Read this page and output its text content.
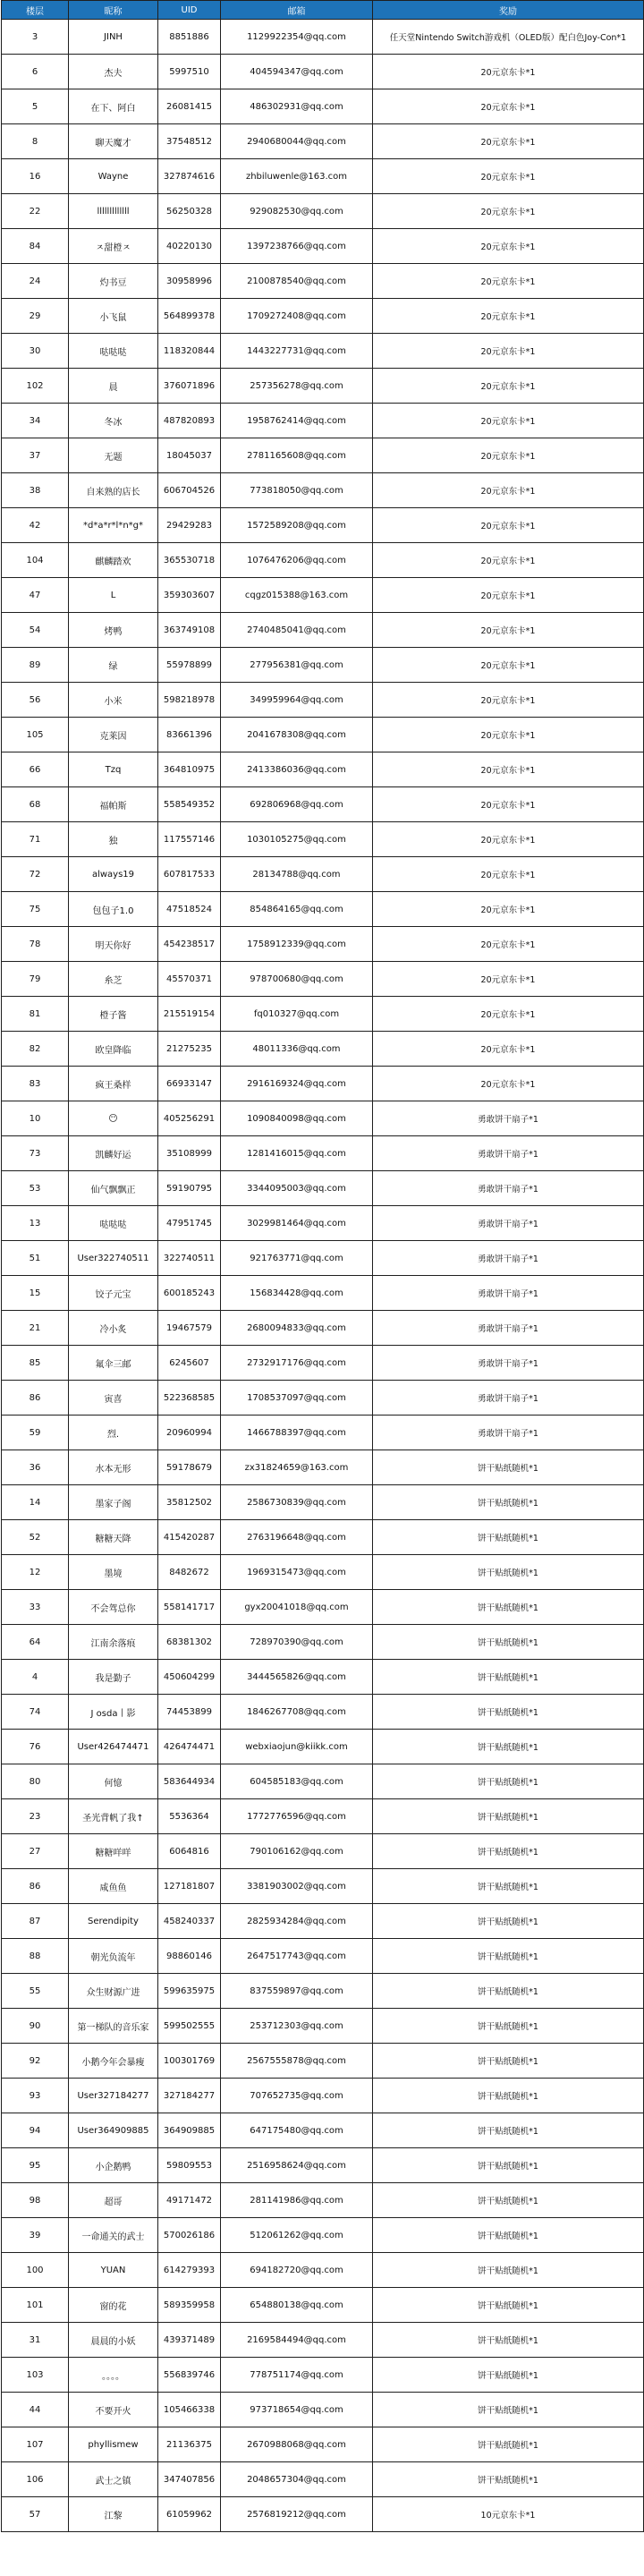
楼层	昵称	UID	邮箱	奖励
3	JINH	8851886	1129922354@qq.com	任天堂Nintendo Switch游戏机（OLED版）配白色Joy-Con*1
6	杰夫	5997510	404594347@qq.com	20元京东卡*1
5	在下、阿白	26081415	486302931@qq.com	20元京东卡*1
8	聊天魔才	37548512	2940680044@qq.com	20元京东卡*1
16	Wayne	327874616	zhbiluwenle@163.com	20元京东卡*1
22	lllllllllllll	56250328	929082530@qq.com	20元京东卡*1
84	ㅈ甜橙ㅈ	40220130	1397238766@qq.com	20元京东卡*1
24	灼书豆	30958996	2100878540@qq.com	20元京东卡*1
29	小飞鼠	564899378	1709272408@qq.com	20元京东卡*1
30	哒哒哒	118320844	1443227731@qq.com	20元京东卡*1
102	晨	376071896	257356278@qq.com	20元京东卡*1
34	冬冰	487820893	1958762414@qq.com	20元京东卡*1
37	无题	18045037	2781165608@qq.com	20元京东卡*1
38	自来熟的店长	606704526	773818050@qq.com	20元京东卡*1
42	*d*a*r*l*n*g*	29429283	1572589208@qq.com	20元京东卡*1
104	麒麟踏欢	365530718	1076476206@qq.com	20元京东卡*1
47	L	359303607	cqgz015388@163.com	20元京东卡*1
54	烤鸭	363749108	2740485041@qq.com	20元京东卡*1
89	绿	55978899	277956381@qq.com	20元京东卡*1
56	小米	598218978	349959964@qq.com	20元京东卡*1
105	克莱因	83661396	2041678308@qq.com	20元京东卡*1
66	Tzq	364810975	2413386036@qq.com	20元京东卡*1
68	福帕斯	558549352	692806968@qq.com	20元京东卡*1
71	独	117557146	1030105275@qq.com	20元京东卡*1
72	always19	607817533	28134788@qq.com	20元京东卡*1
75	包包子1.0	47518524	854864165@qq.com	20元京东卡*1
78	明天你好	454238517	1758912339@qq.com	20元京东卡*1
79	糸芝	45570371	978700680@qq.com	20元京东卡*1
81	橙子酱	215519154	fq010327@qq.com	20元京东卡*1
82	欧皇降临	21275235	48011336@qq.com	20元京东卡*1
83	疯王桑样	66933147	2916169324@qq.com	20元京东卡*1
10	😶	405256291	1090840098@qq.com	勇敢饼干扇子*1
73	凯麟好运	35108999	1281416015@qq.com	勇敢饼干扇子*1
53	仙气飘飘正	59190795	3344095003@qq.com	勇敢饼干扇子*1
13	哒哒哒	47951745	3029981464@qq.com	勇敢饼干扇子*1
51	User322740511	322740511	921763771@qq.com	勇敢饼干扇子*1
15	饺子元宝	600185243	156834428@qq.com	勇敢饼干扇子*1
21	冷小炙	19467579	2680094833@qq.com	勇敢饼干扇子*1
85	氟伞三邮	6245607	2732917176@qq.com	勇敢饼干扇子*1
86	寅喜	522368585	1708537097@qq.com	勇敢饼干扇子*1
59	烈.	20960994	1466788397@qq.com	勇敢饼干扇子*1
36	水本无形	59178679	zx31824659@163.com	饼干贴纸随机*1
14	墨家子阁	35812502	2586730839@qq.com	饼干贴纸随机*1
52	糖糖天降	415420287	2763196648@qq.com	饼干贴纸随机*1
12	墨境	8482672	1969315473@qq.com	饼干贴纸随机*1
33	不会驾总你	558141717	gyx20041018@qq.com	饼干贴纸随机*1
64	江南余落痕	68381302	728970390@qq.com	饼干贴纸随机*1
4	我是勤子	450604299	3444565826@qq.com	饼干贴纸随机*1
74	J osda丨影	74453899	1846267708@qq.com	饼干贴纸随机*1
76	User426474471	426474471	webxiaojun@kiikk.com	饼干贴纸随机*1
80	何憶	583644934	604585183@qq.com	饼干贴纸随机*1
23	圣光背帆了我↑	5536364	1772776596@qq.com	饼干贴纸随机*1
27	糖糖咩咩	6064816	790106162@qq.com	饼干贴纸随机*1
86	咸鱼鱼	127181807	3381903002@qq.com	饼干贴纸随机*1
87	Serendipity	458240337	2825934284@qq.com	饼干贴纸随机*1
88	朝光负流年	98860146	2647517743@qq.com	饼干贴纸随机*1
55	众生财源广进	599635975	837559897@qq.com	饼干贴纸随机*1
90	第一梯队的音乐家	599502555	253712303@qq.com	饼干贴纸随机*1
92	小鹅今年会暴瘦	100301769	2567555878@qq.com	饼干贴纸随机*1
93	User327184277	327184277	707652735@qq.com	饼干贴纸随机*1
94	User364909885	364909885	647175480@qq.com	饼干贴纸随机*1
95	小企鹅鸭	59809553	2516958624@qq.com	饼干贴纸随机*1
98	超哥	49171472	281141986@qq.com	饼干贴纸随机*1
39	一命通关的武士	570026186	512061262@qq.com	饼干贴纸随机*1
100	YUAN	614279393	694182720@qq.com	饼干贴纸随机*1
101	窗的花	589359958	654880138@qq.com	饼干贴纸随机*1
31	晨晨的小妖	439371489	2169584494@qq.com	饼干贴纸随机*1
103	。。。。	556839746	778751174@qq.com	饼干贴纸随机*1
44	不要开火	105466338	973718654@qq.com	饼干贴纸随机*1
107	phyllismew	21136375	2670988068@qq.com	饼干贴纸随机*1
106	武士之镇	347407856	2048657304@qq.com	饼干贴纸随机*1
57	江黎	61059962	2576819212@qq.com	10元京东卡*1
